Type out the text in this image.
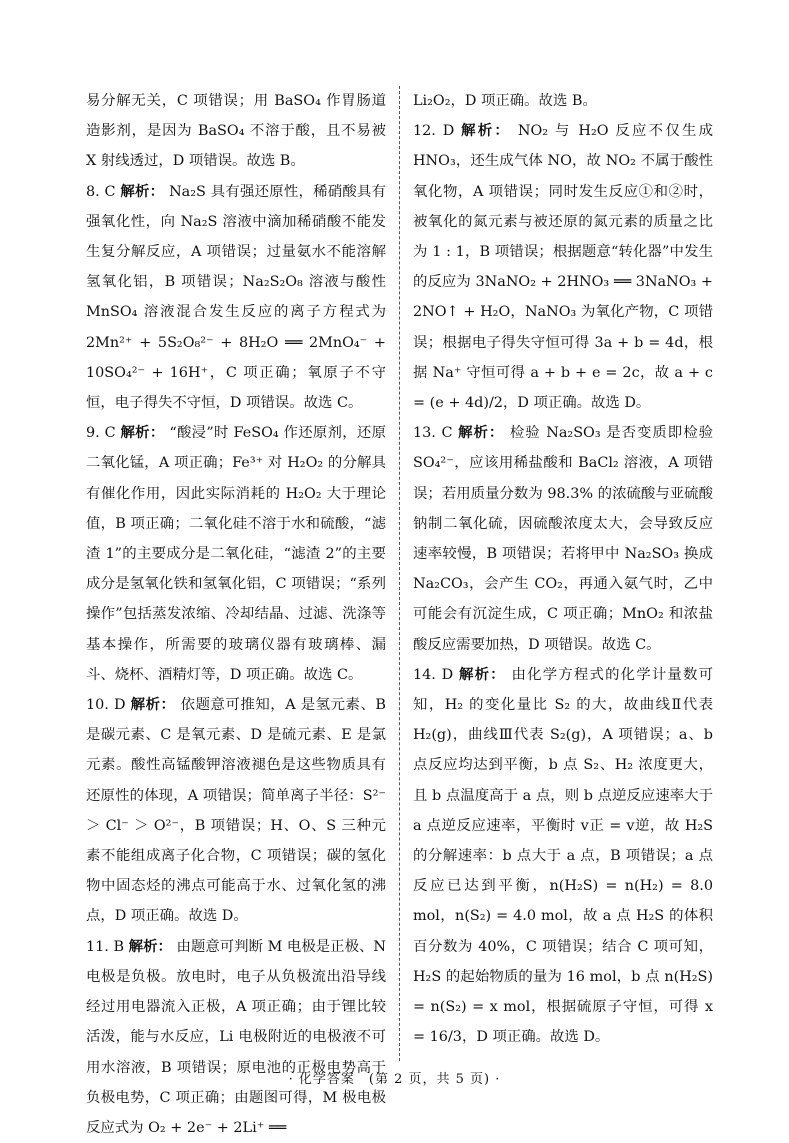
易分解无关，C 项错误；用 BaSO₄ 作胃肠道造影剂，是因为 BaSO₄ 不溶于酸，且不易被 X 射线透过，D 项错误。故选 B。

8. C 解析： Na₂S 具有强还原性，稀硝酸具有强氧化性，向 Na₂S 溶液中滴加稀硝酸不能发生复分解反应，A 项错误；过量氨水不能溶解氢氧化铝，B 项错误；Na₂S₂O₈ 溶液与酸性 MnSO₄ 溶液混合发生反应的离子方程式为 2Mn²⁺ + 5S₂O₈²⁻ + 8H₂O ══ 2MnO₄⁻ + 10SO₄²⁻ + 16H⁺，C 项正确；氧原子不守恒，电子得失不守恒，D 项错误。故选 C。

9. C 解析： “酸浸”时 FeSO₄ 作还原剂，还原二氧化锰，A 项正确；Fe³⁺ 对 H₂O₂ 的分解具有催化作用，因此实际消耗的 H₂O₂ 大于理论值，B 项正确；二氧化硅不溶于水和硫酸，“滤渣 1”的主要成分是二氧化硅，“滤渣 2”的主要成分是氢氧化铁和氢氧化铝，C 项错误；“系列操作”包括蒸发浓缩、冷却结晶、过滤、洗涤等基本操作，所需要的玻璃仪器有玻璃棒、漏斗、烧杯、酒精灯等，D 项正确。故选 C。

10. D 解析： 依题意可推知，A 是氢元素、B 是碳元素、C 是氧元素、D 是硫元素、E 是氯元素。酸性高锰酸钾溶液褪色是这些物质具有还原性的体现，A 项错误；简单离子半径：S²⁻ ＞ Cl⁻ ＞ O²⁻，B 项错误；H、O、S 三种元素不能组成离子化合物，C 项错误；碳的氢化物中固态烃的沸点可能高于水、过氧化氢的沸点，D 项正确。故选 D。

11. B 解析： 由题意可判断 M 电极是正极、N 电极是负极。放电时，电子从负极流出沿导线经过用电器流入正极，A 项正确；由于锂比较活泼，能与水反应，Li 电极附近的电极液不可用水溶液，B 项错误；原电池的正极电势高于负极电势，C 项正确；由题图可得，M 极电极反应式为 O₂ + 2e⁻ + 2Li⁺ ══

Li₂O₂，D 项正确。故选 B。

12. D 解析： NO₂ 与 H₂O 反应不仅生成 HNO₃，还生成气体 NO，故 NO₂ 不属于酸性氧化物，A 项错误；同时发生反应①和②时，被氧化的氮元素与被还原的氮元素的质量之比为 1 : 1，B 项错误；根据题意“转化器”中发生的反应为 3NaNO₂ + 2HNO₃ ══ 3NaNO₃ + 2NO↑ + H₂O，NaNO₃ 为氧化产物，C 项错误；根据电子得失守恒可得 3a + b = 4d，根据 Na⁺ 守恒可得 a + b + e = 2c，故 a + c = (e + 4d)/2，D 项正确。故选 D。

13. C 解析： 检验 Na₂SO₃ 是否变质即检验 SO₄²⁻，应该用稀盐酸和 BaCl₂ 溶液，A 项错误；若用质量分数为 98.3% 的浓硫酸与亚硫酸钠制二氧化硫，因硫酸浓度太大，会导致反应速率较慢，B 项错误；若将甲中 Na₂SO₃ 换成 Na₂CO₃，会产生 CO₂，再通入氨气时，乙中可能会有沉淀生成，C 项正确；MnO₂ 和浓盐酸反应需要加热，D 项错误。故选 C。

14. D 解析： 由化学方程式的化学计量数可知，H₂ 的变化量比 S₂ 的大，故曲线Ⅱ代表 H₂(g)，曲线Ⅲ代表 S₂(g)，A 项错误；a、b 点反应均达到平衡，b 点 S₂、H₂ 浓度更大，且 b 点温度高于 a 点，则 b 点逆反应速率大于 a 点逆反应速率，平衡时 v正 = v逆，故 H₂S 的分解速率：b 点大于 a 点，B 项错误；a 点反应已达到平衡，n(H₂S) = n(H₂) = 8.0 mol，n(S₂) = 4.0 mol，故 a 点 H₂S 的体积百分数为 40%，C 项错误；结合 C 项可知，H₂S 的起始物质的量为 16 mol，b 点 n(H₂S) = n(S₂) = x mol，根据硫原子守恒，可得 x = 16/3，D 项正确。故选 D。

· 化学答案　(第 2 页，共 5 页) ·
